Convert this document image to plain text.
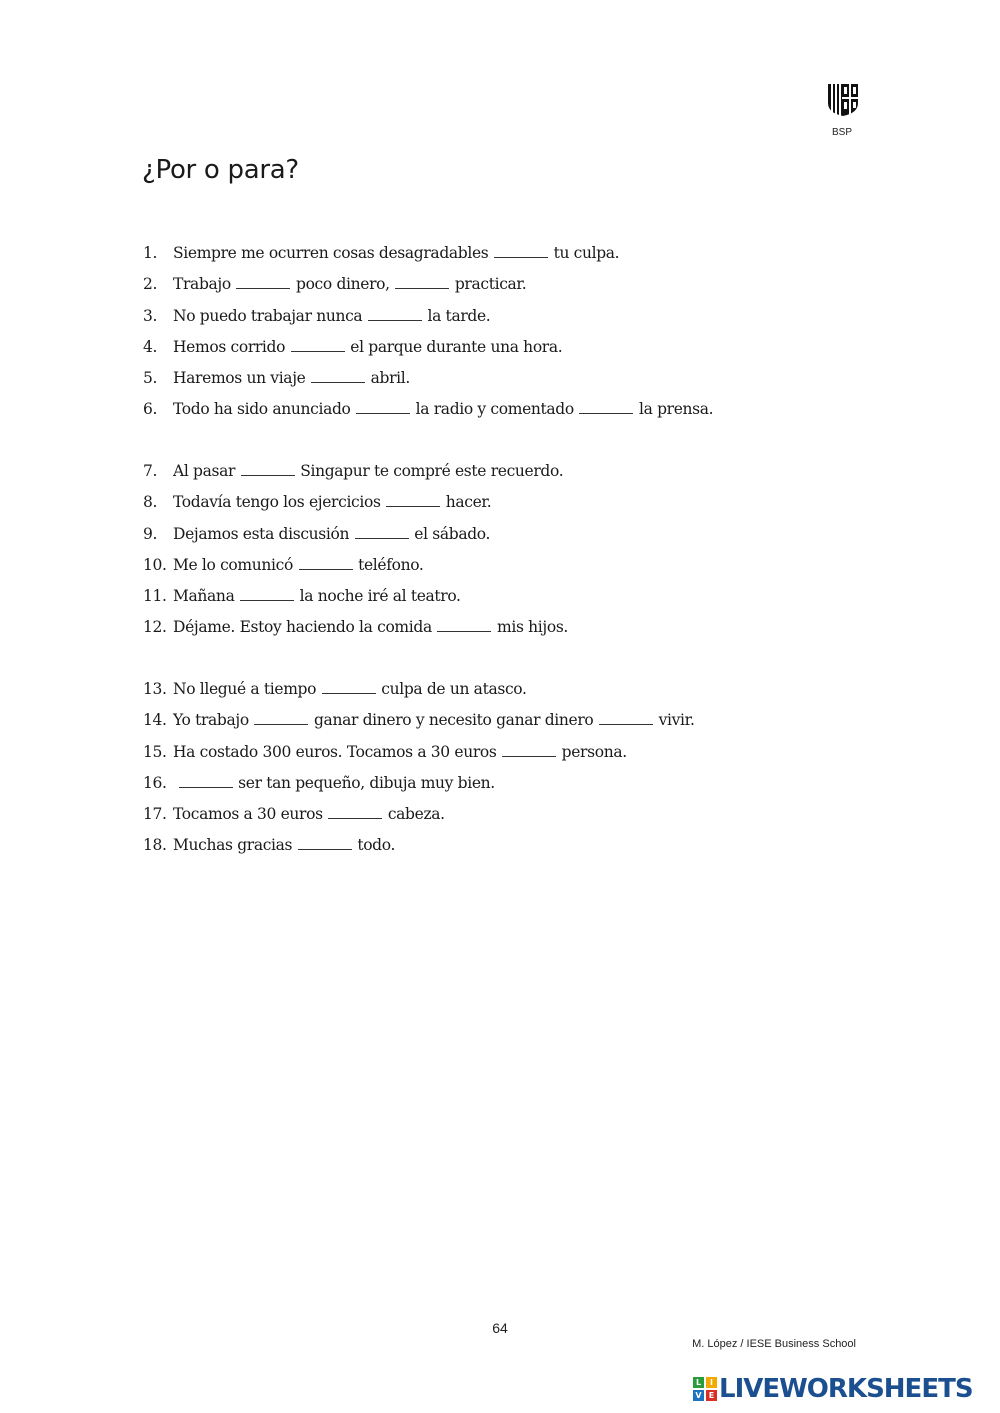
BSP
¿Por o para?
1. Siempre me ocurren cosas desagradables	tu culpa.
2. Trabajo	poco dinero,	practicar.
3. No puedo trabajar nunca	la tarde.
4. Hemos corrido	el parque durante una hora.
5. Haremos un viaje	abril.
6. Todo ha sido anunciado	la radio y comentado	la prensa.
7. Al pasar	Singapur te compré este recuerdo.
8. Todavía tengo los ejercicios	hacer.
9. Dejamos esta discusión	el sábado.
10. Me lo comunicó	teléfono.
11. Mañana	la noche iré al teatro.
12. Déjame. Estoy haciendo la comida	mis hijos.
13. No llegué a tiempo	culpa de un atasco.
14. Yo trabajo	ganar dinero y necesito ganar dinero	vivir.
15. Ha costado 300 euros. Tocamos a 30 euros	persona.
16.	ser tan pequeño, dibuja muy bien.
17. Tocamos a 30 euros	cabeza.
18. Muchas gracias	todo.
64
M. López / IESE Business School
L	I
V E LIVEWORKSHEETS
